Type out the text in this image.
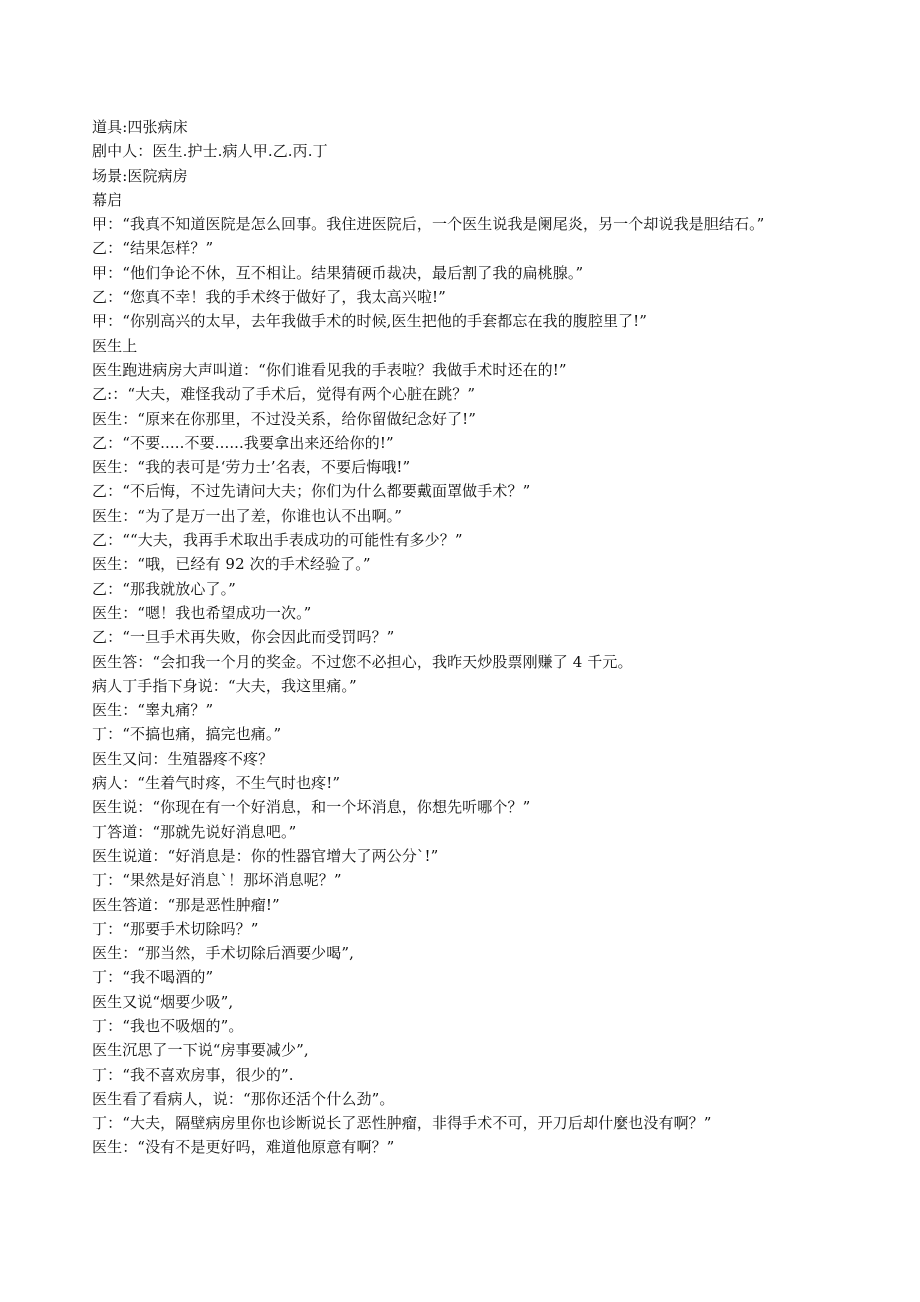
道具:四张病床
剧中人：医生.护士.病人甲.乙.丙.丁
场景:医院病房
幕启
甲：“我真不知道医院是怎么回事。我住进医院后，一个医生说我是阑尾炎，另一个却说我是胆结石。”
乙：“结果怎样？”
甲：“他们争论不休，互不相让。结果猜硬币裁决，最后割了我的扁桃腺。”
乙：“您真不幸！我的手术终于做好了，我太高兴啦!”
甲：“你别高兴的太早，去年我做手术的时候,医生把他的手套都忘在我的腹腔里了!”
医生上
医生跑进病房大声叫道：“你们谁看见我的手表啦？我做手术时还在的!”
乙:：“大夫，难怪我动了手术后，觉得有两个心脏在跳？”
医生：“原来在你那里，不过没关系，给你留做纪念好了!”
乙：“不要.....不要......我要拿出来还给你的!”
医生：“我的表可是‘劳力士’名表，不要后悔哦!”
乙：“不后悔，不过先请问大夫；你们为什么都要戴面罩做手术？”
医生：“为了是万一出了差，你谁也认不出啊。”
乙：““大夫，我再手术取出手表成功的可能性有多少？”
医生：“哦，已经有 92 次的手术经验了。”
乙：“那我就放心了。”
医生：“嗯！我也希望成功一次。”
乙：“一旦手术再失败，你会因此而受罚吗？”
医生答：“会扣我一个月的奖金。不过您不必担心，我昨天炒股票刚赚了 4 千元。
病人丁手指下身说：“大夫，我这里痛。”
医生：“睾丸痛？”
丁：“不搞也痛，搞完也痛。”
医生又问：生殖器疼不疼？
病人：“生着气时疼，不生气时也疼!”
医生说：“你现在有一个好消息，和一个坏消息，你想先听哪个？”
丁答道：“那就先说好消息吧。”
医生说道：“好消息是：你的性器官增大了两公分`!”
丁：“果然是好消息`！那坏消息呢？”
医生答道：“那是恶性肿瘤!”
丁：“那要手术切除吗？”
医生：“那当然，手术切除后酒要少喝”,
丁：“我不喝酒的”
医生又说“烟要少吸”,
丁：“我也不吸烟的”。
医生沉思了一下说“房事要减少”,
丁：“我不喜欢房事，很少的”.
医生看了看病人，说：“那你还活个什么劲”。
丁：“大夫，隔壁病房里你也诊断说长了恶性肿瘤，非得手术不可，开刀后却什麼也没有啊？”
医生：“没有不是更好吗，难道他原意有啊？”
